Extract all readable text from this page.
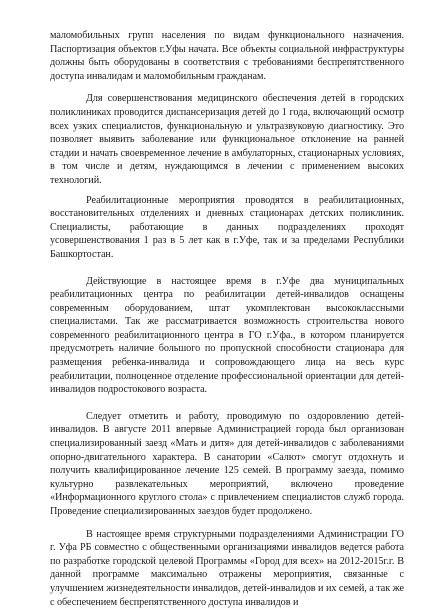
маломобильных групп населения по видам функционального назначения. Паспортизация объектов г.Уфы начата. Все объекты социальной инфраструктуры должны быть оборудованы в соответствия с требованиями беспрепятственного доступа инвалидам и маломобильным гражданам.

Для совершенствования медицинского обеспечения детей в городских поликлиниках проводится диспансеризация детей до 1 года, включающий осмотр всех узких специалистов, функциональную и ультразвуковую диагностику. Это позволяет выявить заболевание или функциональное отклонение на ранней стадии и начать своевременное лечение в амбулаторных, стационарных условиях, в том числе и детям, нуждающимся в лечении с применением высоких технологий.

Реабилитационные мероприятия проводятся в реабилитационных, восстановительных отделениях и дневных стационарах детских поликлиник. Специалисты, работающие в данных подразделениях проходят усовершенствования 1 раз в 5 лет как в г.Уфе, так и за пределами Республики Башкортостан.

Действующие в настоящее время в г.Уфе два муниципальных реабилитационных центра по реабилитации детей-инвалидов оснащены современным оборудованием, штат укомплектован высококлассными специалистами. Так же рассматривается возможность строительства нового современного реабилитационного центра в ГО г.Уфа., в котором планируется предусмотреть наличие большого по пропускной способности стационара для размещения ребенка-инвалида и сопровождающего лица на весь курс реабилитации, полноценное отделение профессиональной ориентации для детей-инвалидов подростокового возраста.

Следует отметить и работу, проводимую по оздоровлению детей-инвалидов. В августе 2011 впервые Администрацией города был организован специализированный заезд «Мать и дитя» для детей-инвалидов с заболеваниями опорно-двигательного характера. В санатории «Салют» смогут отдохнуть и получить квалифицированное лечение 125 семей. В программу заезда, помимо культурно развлекательных мероприятий, включено проведение «Информационного круглого стола» с привлечением специалистов служб города. Проведение специализированных заездов будет продолжено.

В настоящее время структурными подразделениями Администрации ГО г. Уфа РБ совместно с общественными организациями инвалидов ведется работа по разработке городской целевой Программы «Город для всех» на 2012-2015г.г. В данной программе максимально отражены мероприятия, связанные с улучшением жизнедеятельности инвалидов, детей-инвалидов и их семей, а так же с обеспечением беспрепятственного доступа инвалидов и
